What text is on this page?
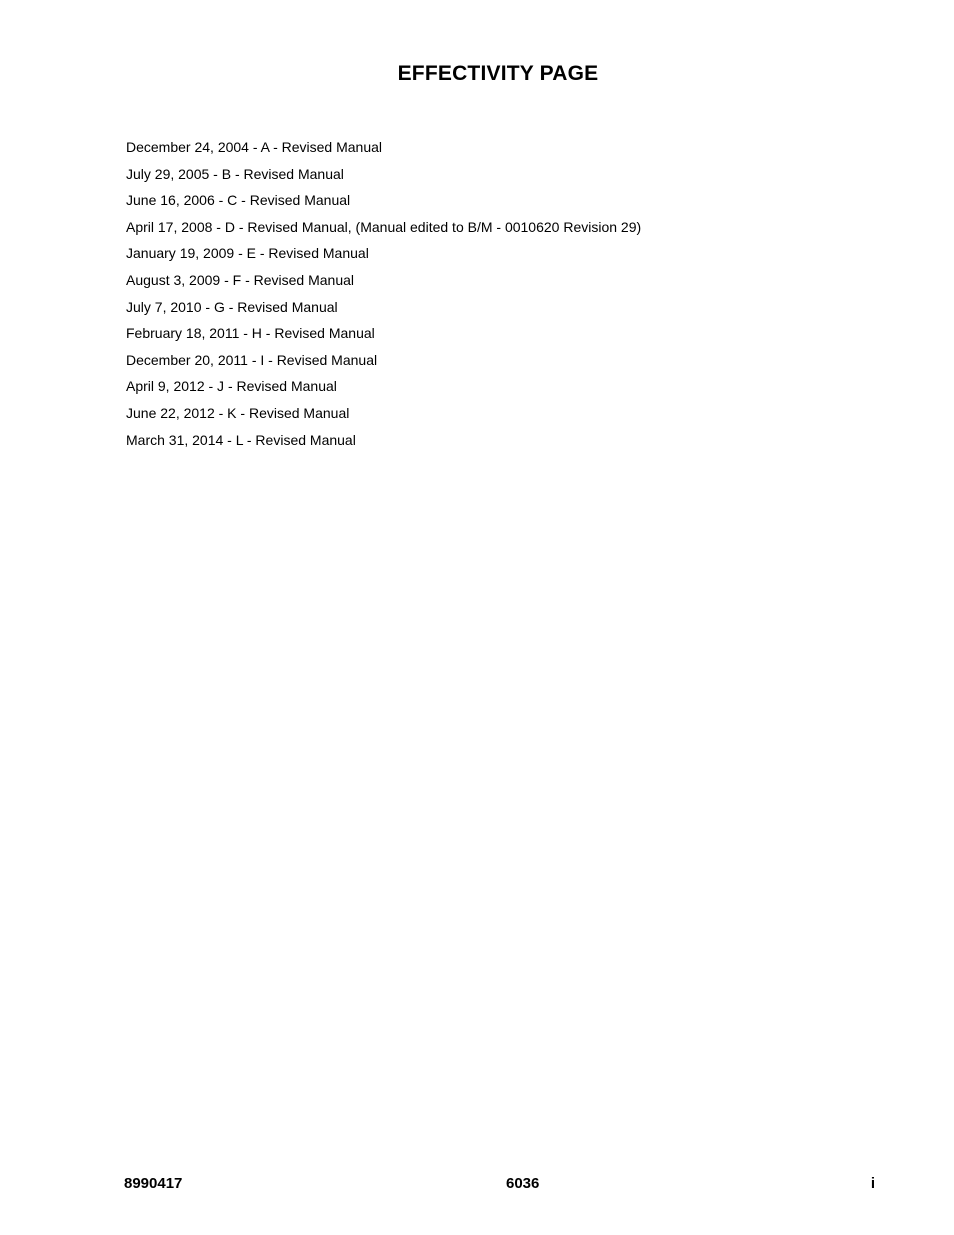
EFFECTIVITY PAGE
December 24, 2004 - A - Revised Manual
July 29, 2005 - B - Revised Manual
June 16, 2006 - C - Revised Manual
April 17, 2008 - D - Revised Manual, (Manual edited to B/M - 0010620 Revision 29)
January 19, 2009 - E - Revised Manual
August 3, 2009 - F - Revised Manual
July 7, 2010 - G - Revised Manual
February 18, 2011 - H - Revised Manual
December 20, 2011 - I - Revised Manual
April 9, 2012 - J - Revised Manual
June 22, 2012 - K - Revised Manual
March 31, 2014 - L - Revised Manual
8990417	6036	i
